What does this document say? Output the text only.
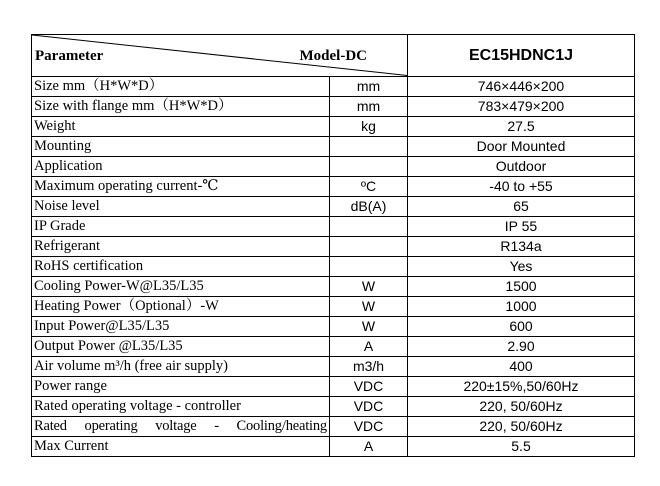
Parameter Model-DC		EC15HDNC1J
Size mm（H*W*D）	mm	746×446×200
Size with flange mm（H*W*D）	mm	783×479×200
Weight	kg	27.5
Mounting		Door Mounted
Application		Outdoor
Maximum operating current-℃	ºC	-40 to +55
Noise level	dB(A)	65
IP Grade		IP 55
Refrigerant		R134a
RoHS certification		Yes
Cooling Power-W@L35/L35	W	1500
Heating Power（Optional）-W	W	1000
Input Power@L35/L35	W	600
Output Power @L35/L35	A	2.90
Air volume m³/h (free air supply)	m3/h	400
Power range	VDC	220±15%,50/60Hz
Rated operating voltage - controller	VDC	220, 50/60Hz

Rated operating voltage - Cooling/heating	VDC	220, 50/60Hz
Max Current	A	5.5
